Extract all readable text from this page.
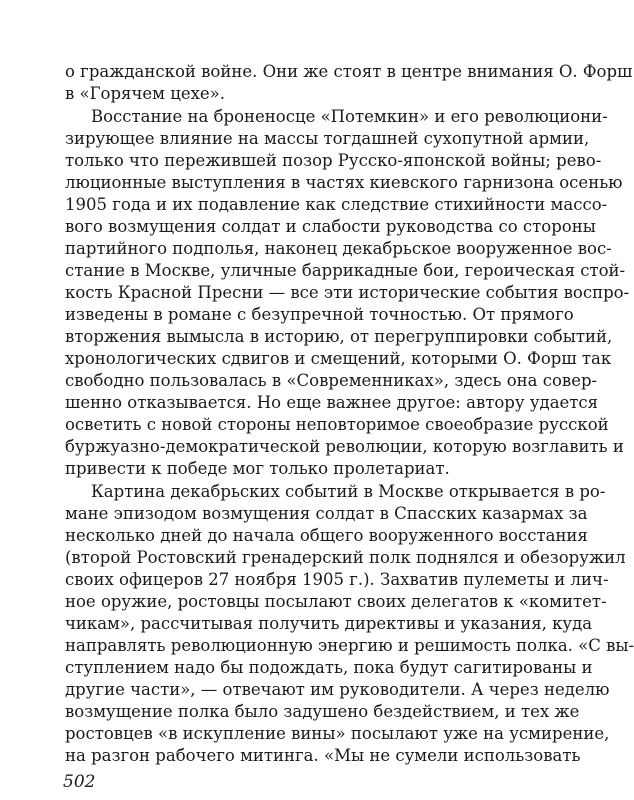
о гражданской войне. Они же стоят в центре внимания О. Форш
в «Горячем цехе».
Восстание на броненосце «Потемкин» и его революциони-
зирующее влияние на массы тогдашней сухопутной армии,
только что пережившей позор Русско-японской войны; рево-
люционные выступления в частях киевского гарнизона осенью
1905 года и их подавление как следствие стихийности массо-
вого возмущения солдат и слабости руководства со стороны
партийного подполья, наконец декабрьское вооруженное вос-
стание в Москве, уличные баррикадные бои, героическая стой-
кость Красной Пресни — все эти исторические события воспро-
изведены в романе с безупречной точностью. От прямого
вторжения вымысла в историю, от перегруппировки событий,
хронологических сдвигов и смещений, которыми О. Форш так
свободно пользовалась в «Современниках», здесь она совер-
шенно отказывается. Но еще важнее другое: автору удается
осветить с новой стороны неповторимое своеобразие русской
буржуазно-демократической революции, которую возглавить и
привести к победе мог только пролетариат.
Картина декабрьских событий в Москве открывается в ро-
мане эпизодом возмущения солдат в Спасских казармах за
несколько дней до начала общего вооруженного восстания
(второй Ростовский гренадерский полк поднялся и обезоружил
своих офицеров 27 ноября 1905 г.). Захватив пулеметы и лич-
ное оружие, ростовцы посылают своих делегатов к «комитет-
чикам», рассчитывая получить директивы и указания, куда
направлять революционную энергию и решимость полка. «С вы-
ступлением надо бы подождать, пока будут сагитированы и
другие части», — отвечают им руководители. А через неделю
возмущение полка было задушено бездействием, и тех же
ростовцев «в искупление вины» посылают уже на усмирение,
на разгон рабочего митинга. «Мы не сумели использовать
502
